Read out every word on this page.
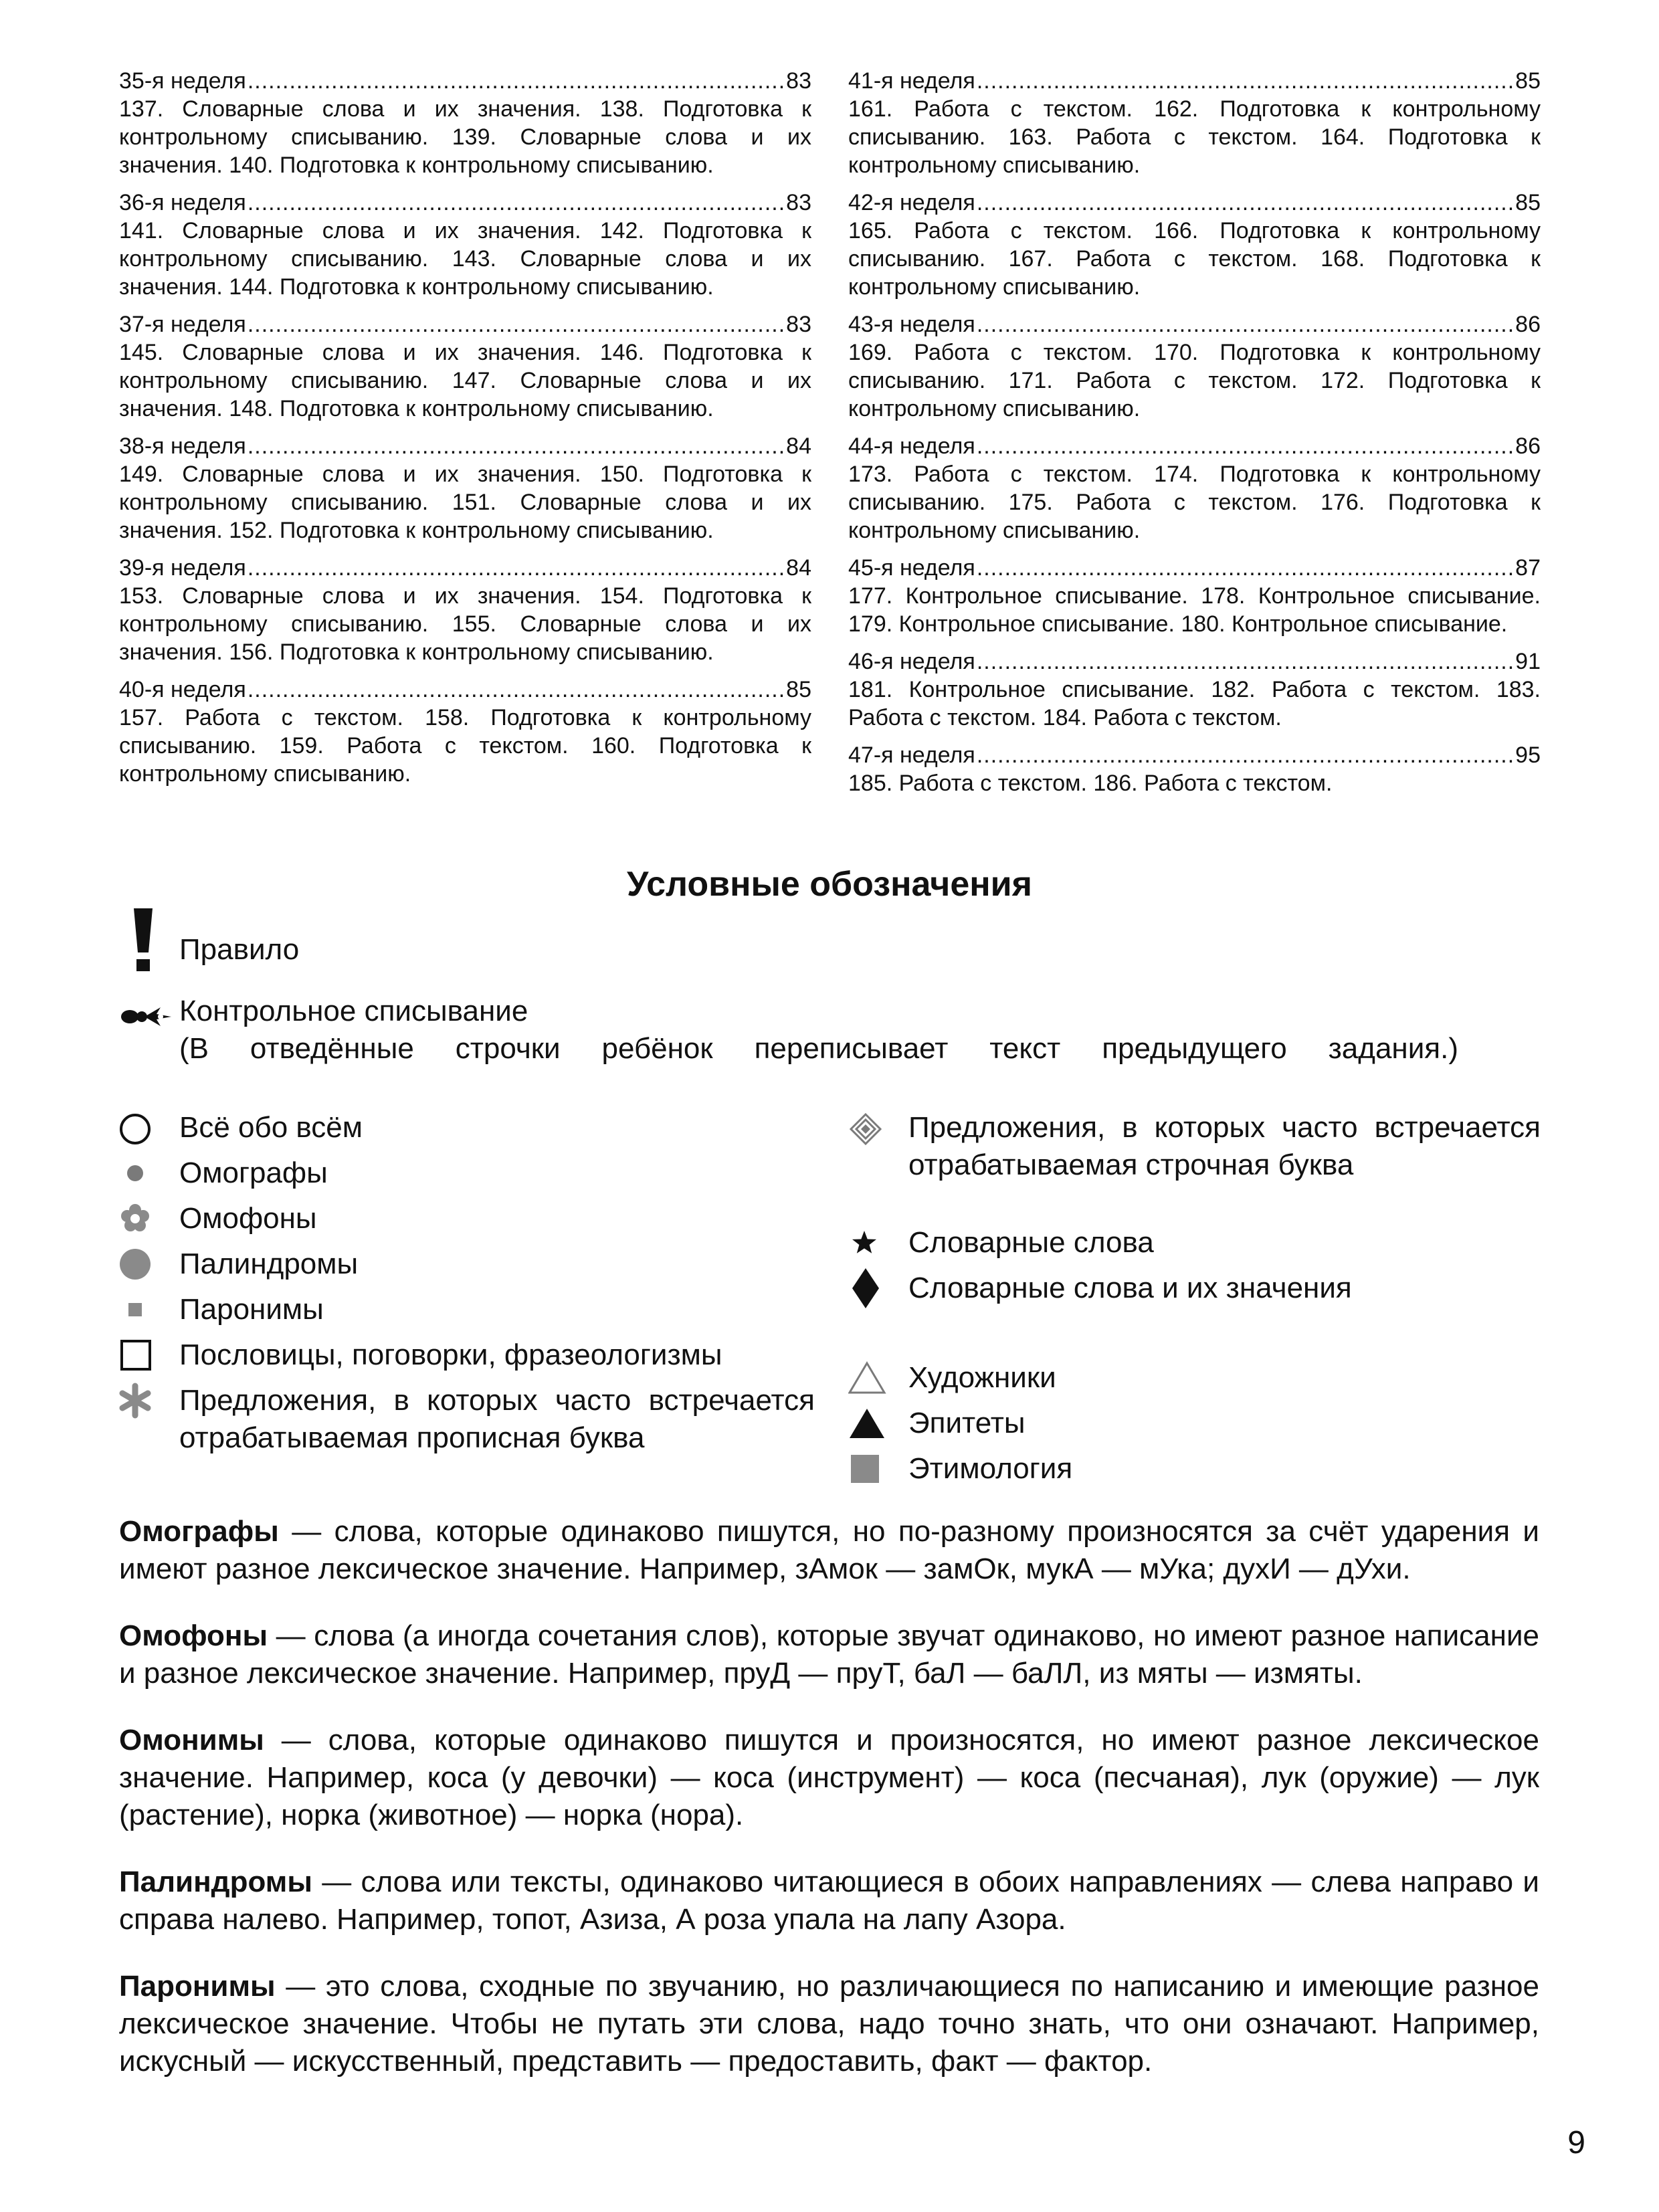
35-я неделя .....	83
137. Словарные слова и их значения. 138. Подготовка к контрольному списыванию. 139. Словарные слова и их значения. 140. Подготовка к контрольному списыванию.
36-я неделя .....	83
141. Словарные слова и их значения. 142. Подготовка к контрольному списыванию. 143. Словарные слова и их значения. 144. Подготовка к контрольному списыванию.
37-я неделя .....	83
145. Словарные слова и их значения. 146. Подготовка к контрольному списыванию. 147. Словарные слова и их значения. 148. Подготовка к контрольному списыванию.
38-я неделя .....	84
149. Словарные слова и их значения. 150. Подготовка к контрольному списыванию. 151. Словарные слова и их значения. 152. Подготовка к контрольному списыванию.
39-я неделя .....	84
153. Словарные слова и их значения. 154. Подготовка к контрольному списыванию. 155. Словарные слова и их значения. 156. Подготовка к контрольному списыванию.
40-я неделя .....	85
157. Работа с текстом. 158. Подготовка к контрольному списыванию. 159. Работа с текстом. 160. Подготовка к контрольному списыванию.
41-я неделя .....	85
161. Работа с текстом. 162. Подготовка к контрольному списыванию. 163. Работа с текстом. 164. Подготовка к контрольному списыванию.
42-я неделя .....	85
165. Работа с текстом. 166. Подготовка к контрольному списыванию. 167. Работа с текстом. 168. Подготовка к контрольному списыванию.
43-я неделя .....	86
169. Работа с текстом. 170. Подготовка к контрольному списыванию. 171. Работа с текстом. 172. Подготовка к контрольному списыванию.
44-я неделя .....	86
173. Работа с текстом. 174. Подготовка к контрольному списыванию. 175. Работа с текстом. 176. Подготовка к контрольному списыванию.
45-я неделя .....	87
177. Контрольное списывание. 178. Контрольное списывание. 179. Контрольное списывание. 180. Контрольное списывание.
46-я неделя .....	91
181. Контрольное списывание. 182. Работа с текстом. 183. Работа с текстом. 184. Работа с текстом.
47-я неделя .....	95
185. Работа с текстом. 186. Работа с текстом.
Условные обозначения
Правило
Контрольное списывание
(В отведённые строчки ребёнок переписывает текст предыдущего задания.)
Всё обо всём
Омографы
Омофоны
Палиндромы
Паронимы
Пословицы, поговорки, фразеологизмы
Предложения, в которых часто встречается отрабатываемая прописная буква
Предложения, в которых часто встречается отрабатываемая строчная буква
Словарные слова
Словарные слова и их значения
Художники
Эпитеты
Этимология

Омографы — слова, которые одинаково пишутся, но по-разному произносятся за счёт ударения и имеют разное лексическое значение. Например, зАмок — замОк, мукА — мУка; духИ — дУхи.

Омофоны — слова (а иногда сочетания слов), которые звучат одинаково, но имеют разное написание и разное лексическое значение. Например, пруД — пруТ, баЛ — баЛЛ, из мяты — измяты.

Омонимы — слова, которые одинаково пишутся и произносятся, но имеют разное лексическое значение. Например, коса (у девочки) — коса (инструмент) — коса (песчаная), лук (оружие) — лук (растение), норка (животное) — норка (нора).

Палиндромы — слова или тексты, одинаково читающиеся в обоих направлениях — слева направо и справа налево. Например, топот, Азиза, А роза упала на лапу Азора.

Паронимы — это слова, сходные по звучанию, но различающиеся по написанию и имеющие разное лексическое значение. Чтобы не путать эти слова, надо точно знать, что они означают. Например, искусный — искусственный, представить — предоставить, факт — фактор.

9
